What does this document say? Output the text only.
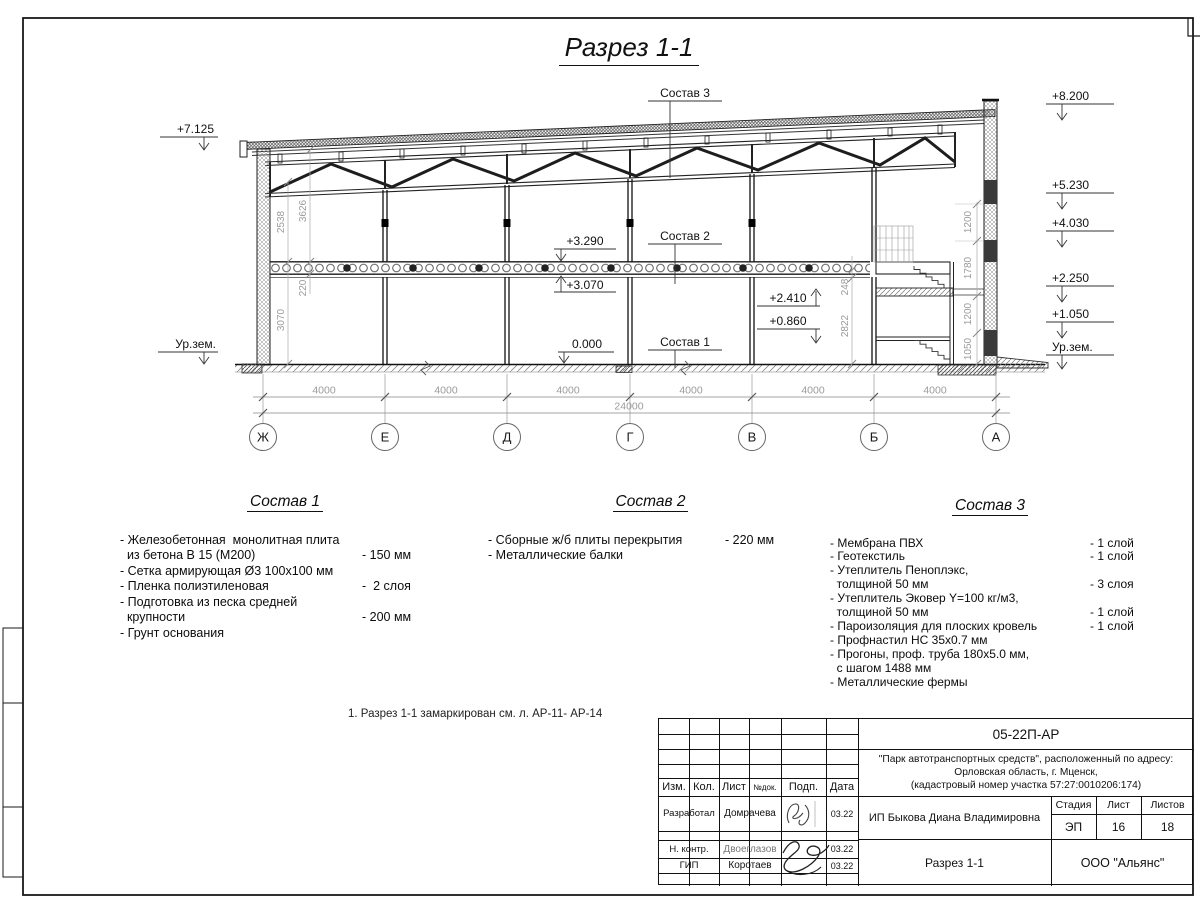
2538 3626
220
3070
248
2822
1200
1780
1200
1050
4000	4000	4000	4000	4000	4000
24000
Ж	Е	Д	Г	В	Б	А
+7.125
Ур.зем.
+8.200
+5.230
+4.030
+2.250
+1.050
Ур.зем.
+3.290
+3.070
0.000
+2.410
+0.860
Состав 3
Состав 2
Состав 1
Разрез 1-1
Состав 1
- Железобетонная  монолитная плита
из бетона В 15 (М200)	- 150 мм
- Сетка армирующая Ø3 100х100 мм
- Пленка полиэтиленовая	-  2 слоя
- Подготовка из песка средней
крупности	- 200 мм
- Грунт основания
Состав 2
- Сборные ж/б плиты перекрытия	- 220 мм
- Металлические балки
Состав 3
- Мембрана ПВХ	- 1 слой
- Геотекстиль	- 1 слой
- Утеплитель Пеноплэкс,
толщиной 50 мм	- 3 слоя
- Утеплитель Эковер Y=100 кг/м3,
толщиной 50 мм	- 1 слой
- Пароизоляция для плоских кровель	- 1 слой
- Профнастил НС 35х0.7 мм
- Прогоны, проф. труба 180х5.0 мм,
с шагом 1488 мм
- Металлические фермы
1. Разрез 1-1 замаркирован см. л. АР-11- АР-14
Изм. Кол. Лист №док.	Подп.	Дата
Разработал Домрачева	03.22
Н. контр.	Двоеглазов	03.22
ГИП	Коротаев	03.22
05-22П-АР
"Парк автотранспортных средств", расположенный по адресу:
Орловская область, г. Мценск,
(кадастровый номер участка 57:27:0010206:174)
ИП Быкова Диана Владимировна
Стадия	Лист	Листов
ЭП	16	18
Разрез 1-1	ООО "Альянс"
